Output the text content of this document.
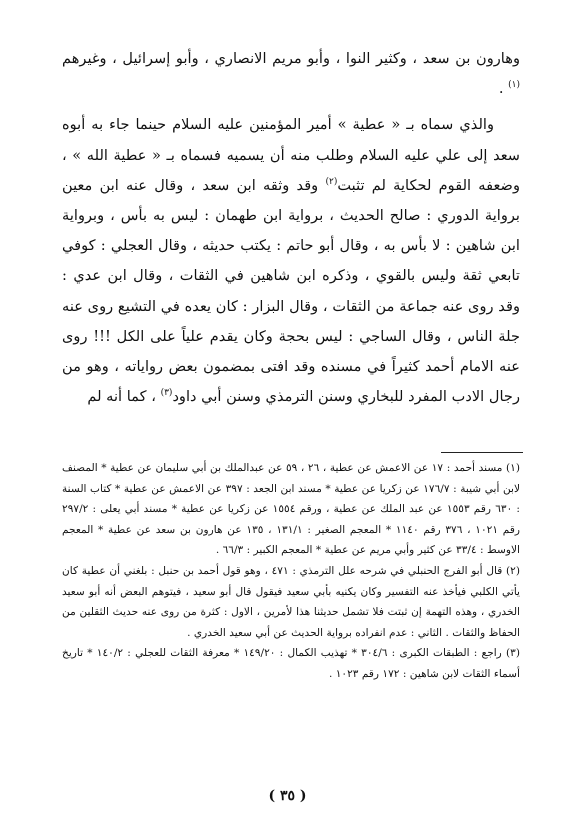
وهارون بن سعد ، وكثير النوا ، وأبو مريم الانصاري ، وأبو إسرائيل ، وغيرهم $^{(١)}$ .

والذي سماه بـ « عطية » أمير المؤمنين عليه السلام حينما جاء به أبوه سعد إلى علي عليه السلام وطلب منه أن يسميه فسماه بـ « عطية الله » ، وضعفه القوم لحكاية لم تثبت$^{(٢)}$ وقد وثقه ابن سعد ، وقال عنه ابن معين برواية الدوري : صالح الحديث ، برواية ابن طهمان : ليس به بأس ، وبرواية ابن شاهين : لا بأس به ، وقال أبو حاتم : يكتب حديثه ، وقال العجلي : كوفي تابعي ثقة وليس بالقوي ، وذكره ابن شاهين في الثقات ، وقال ابن عدي : وقد روى عنه جماعة من الثقات ، وقال البزار : كان يعده في التشيع روى عنه جلة الناس ، وقال الساجي : ليس بحجة وكان يقدم علياً على الكل !!! روى عنه الامام أحمد كثيراً في مسنده وقد افتى بمضمون بعض رواياته ، وهو من رجال الادب المفرد للبخاري وسنن الترمذي وسنن أبي داود$^{(٣)}$ ، كما أنه لم

(١) مسند أحمد : ١٧ عن الاعمش عن عطية ، ٢٦ ، ٥٩ عن عبدالملك بن أبي سليمان عن عطية * المصنف لابن أبي شيبة : ١٧٦/٧ عن زكريا عن عطية * مسند ابن الجعد : ٣٩٧ عن الاعمش عن عطية * كتاب السنة : ٦٣٠ رقم ١٥٥٣ عن عبد الملك عن عطية ، ورقم ١٥٥٤ عن زكريا عن عطية * مسند أبي يعلى : ٢٩٧/٢ رقم ١٠٢١ ، ٣٧٦ رقم ١١٤٠ * المعجم الصغير : ١٣١/١ ، ١٣٥ عن هارون بن سعد عن عطية * المعجم الاوسط : ٣٣/٤ عن كثير وأبي مريم عن عطية * المعجم الكبير : ٦٦/٣ .

(٢) قال أبو الفرج الحنبلي في شرحه علل الترمذي : ٤٧١ ، وهو قول أحمد بن حنبل : بلغني أن عطية كان يأتي الكلبي فيأخذ عنه التفسير وكان يكنيه بأبي سعيد فيقول قال أبو سعيد ، فيتوهم البعض أنه أبو سعيد الخدري ، وهذه التهمة إن ثبتت فلا تشمل حديثنا هذا لأمرين ، الاول : كثرة من روى عنه حديث الثقلين من الحفاظ والثقات . الثاني : عدم انفراده برواية الحديث عن أبي سعيد الخدري .

(٣) راجع : الطبقات الكبرى : ٣٠٤/٦ * تهذيب الكمال : ١٤٩/٢٠ * معرفة الثقات للعجلي : ١٤٠/٢ * تاريخ أسماء الثقات لابن شاهين : ١٧٢ رقم ١٠٢٣ .

( ٣٥ )
